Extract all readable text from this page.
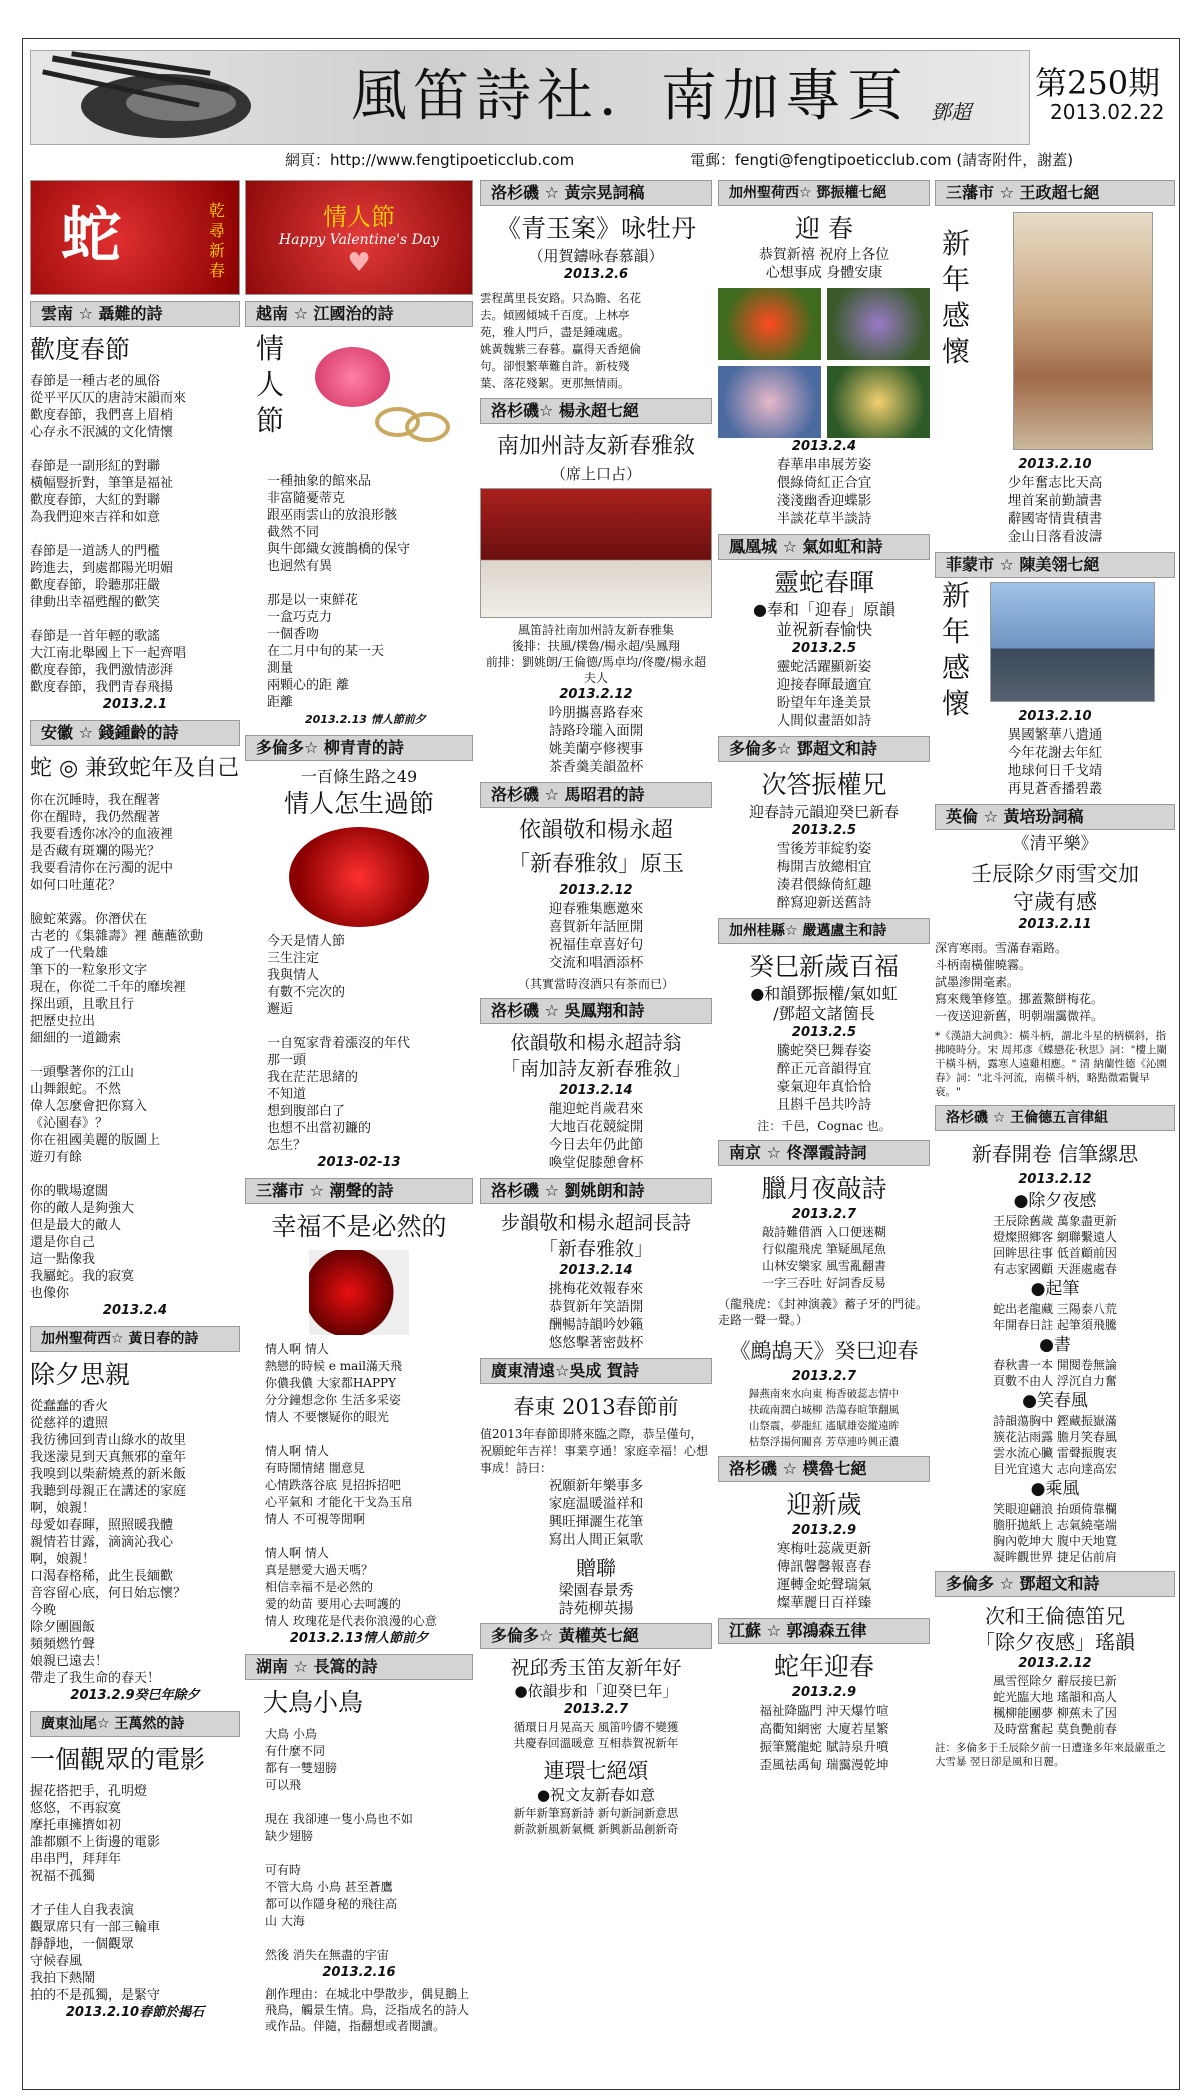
風笛詩社．南加專頁 鄧超
第250期
2013.02.22
網頁：http://www.fengtipoeticclub.com	電郵：fengti@fengtipoeticclub.com (請寄附件，謝蓋)
乾尋新春
蛇
雲南 ☆ 聶難的詩
歡度春節
春節是一種古老的風俗
從平平仄仄的唐詩宋韻而來
歡度春節，我們喜上眉梢
心存永不泯滅的文化情懷

春節是一副形紅的對聯
橫幅豎折對，筆筆是福祉
歡度春節，大紅的對聯
為我們迎來吉祥和如意

春節是一道誘人的門檻
跨進去，到處都陽光明媚
歡度春節，聆聽那莊嚴
律動出幸福甦醒的歡笑

春節是一首年輕的歌謠
大江南北舉國上下一起齊唱
歡度春節，我們激情澎湃
歡度春節，我們青春飛揚
2013.2.1
安徽 ☆ 錢鍾齡的詩
蛇 ◎ 兼致蛇年及自己
你在沉睡時，我在醒著
你在醒時，我仍然醒著
我要看透你冰冷的血液裡
是否藏有斑斕的陽光？
我要看清你在污濁的泥中
如何口吐蓮花？

臉蛇萊露。你潛伏在
古老的《集雜壽》裡 蘸蘸欲動
成了一代梟雄
筆下的一粒象形文字
現在，你從二千年的靡埃裡
探出頭，且歌且行
把歷史拉出
細細的一道鋤索

一頭擊著你的江山
山舞銀蛇。不然
偉人怎麼會把你寫入
《沁園春》？
你在祖國美麗的版圖上
遊刃有餘

你的戰場遼闊
你的敵人是夠強大
但是最大的敵人
還是你自己
這一點像我
我屬蛇。我的寂寞
也像你
2013.2.4
加州聖荷西☆ 黃日春的詩
除夕思親
從蠢蠢的香火
從慈祥的遺照
我彷彿回到青山綠水的故里
我迷濛見到天真無邪的童年
我嗅到以柴薪燒煮的新米飯
我聽到母親正在講述的家庭
啊，娘親！
母愛如春暉，照照暖我體
親情若甘露，滴滴沁我心
啊，娘親！
口渴春格稀，此生長緬歡
音容留心底，何日始忘懷？
今晚
除夕團圓飯
頻頻燃竹聲
娘親已遠去！
帶走了我生命的春天！
2013.2.9癸巳年除夕
廣東汕尾☆ 王萬然的詩
一個觀眾的電影
握花搭把手，孔明燈
悠悠，不再寂寞
摩托車擁擠如初
誰都願不上街邊的電影
串串門，拜拜年
祝福不孤獨

才子佳人自我表演
觀眾席只有一部三輪車
靜靜地，一個觀眾
守候春風
我拍下熱鬧
拍的不是孤獨，是緊守
2013.2.10春節於揭石
情人節
Happy Valentine's Day
♥
越南 ☆ 江國治的詩
情
人
節
一種抽象的館來品
非富隨憂蒂克
跟巫雨雲山的放浪形骸
截然不同
與牛郎織女渡鵲橋的保守
也迥然有異

那是以一束鮮花
一盒巧克力
一個香吻
在二月中旬的某一天
測量
兩顆心的距 離
距離
2013.2.13 情人節前夕
多倫多☆ 柳青青的詩
一百條生路之49
情人怎生過節
今天是情人節
三生注定
我與情人
有數不完次的
邂逅

一自冤家背着漲沒的年代
那一頭
我在茫茫思緒的
不知道
想到腹部白了
也想不出當初鐮的
怎生？
2013-02-13
三藩市 ☆ 潮聲的詩
幸福不是必然的
情人啊 情人
熱戀的時候 e mail滿天飛
你儂我儂 大家都HAPPY
分分鐘想念你 生活多采姿
情人 不要懷疑你的眼光

情人啊 情人
有時鬧情緒 闇意見
心情跌落谷底 見招拆招吧
心平氣和 才能化干戈為玉帛
情人 不可視等閒啊

情人啊 情人
真是戀愛大過天嗎？
相信幸福不是必然的
愛的幼苗 要用心去呵護的
情人 玫瑰花是代表你浪漫的心意
2013.2.13情人節前夕
湖南 ☆ 長篙的詩
大鳥小鳥
大鳥 小鳥
有什麼不同
都有一雙翅膀
可以飛

現在 我卻連一隻小鳥也不如
缺少翅膀

可有時
不管大鳥 小鳥 甚至蒼鷹
都可以作隱身秘的飛往高
山 大海

然後 消失在無盡的宇宙
2013.2.16
創作理由：在城北中學散步，偶見鵝上飛鳥，觸景生情。鳥，泛指成名的詩人或作品。伴隨，指翻想或者閱讀。
洛杉磯 ☆ 黃宗晃詞稿
《青玉案》咏牡丹
（用賀鑄咏春慕韻）
2013.2.6
雲程萬里長安路。只為瞻、名花
去。傾國傾城千百度。上林亭
苑，雅人門戶，盡是鍾魂處。
姚黃魏紫三春暮。贏得天香絕倫
句。卻恨繁華難自許。新枝殘
葉、落花殘絮。更那無情雨。
洛杉磯☆ 楊永超七絕
南加州詩友新春雅敘
（席上口占）
風笛詩社南加州詩友新春雅集
後排：扶風/樸魯/楊永超/吳鳳翔
前排：劉姚朗/王倫德/馬卓均/佟慶/楊永超夫人
2013.2.12
吟朋攜喜路春來
詩路玲瓏入面開
姚美蘭亭修禊事
茶香羹美韻盈杯
洛杉磯 ☆ 馬昭君的詩
依韻敬和楊永超
「新春雅敘」原玉
2013.2.12
迎春雅集應邀來
喜賀新年話匣開
祝福佳章喜好句
交流和唱酒添杯
（其實當時沒酒只有茶而已）
洛杉磯 ☆ 吳鳳翔和詩
依韻敬和楊永超詩翁
「南加詩友新春雅敘」
2013.2.14
龍迎蛇肖歲君來
大地百花競綻開
今日去年仍此節
喚堂促膝憩會杯
洛杉磯 ☆ 劉姚朗和詩
步韻敬和楊永超詞長詩
「新春雅敘」
2013.2.14
挑梅花效報春來
恭賀新年笑語開
酬暢詩韻吟妙籟
悠悠擊著密鼓杯
廣東清遠☆吳成 賀詩
春東 2013春節前
值2013年春節即將來臨之際，恭呈僅句，祝願蛇年吉祥！事業亨通！家庭幸福！心想事成！詩曰：
祝願新年樂事多
家庭温暖溢祥和
興旺揮灑生花筆
寫出人間正氣歌
贈聯
梁園春景秀
詩苑柳英揚
多倫多☆ 黃權英七絕
祝邱秀玉笛友新年好
●依韻步和「迎癸巳年」
2013.2.7
循環日月晃高天 風笛吟儔不變獲
共慶春回溫暖意 互相恭賀祝新年
連環七絕頌
●祝文友新春如意
新年新筆寫新詩 新句新詞新意思
新款新風新氣概 新興新品創新奇
加州聖荷西☆ 鄧振權七絕
迎 春
恭賀新禧 祝府上各位
心想事成 身體安康
2013.2.4
春華串串展芳姿
偎綠倚紅正合宜
淺淺幽香迎蝶影
半談花草半談詩
鳳凰城 ☆ 氣如虹和詩
靈蛇春暉
●奉和「迎春」原韻
並祝新春愉快
2013.2.5
靈蛇活躍顯新姿
迎接春暉最適宜
盼望年年逢美景
人間似畫語如詩
多倫多☆ 鄧超文和詩
次答振權兄
迎春詩元韻迎癸巳新春
2013.2.5
雪後芳菲綻豹姿
梅開吉放總相宜
湊君偎綠倚紅趣
醉寫迎新送舊詩
加州桂縣☆ 嚴邁盧主和詩
癸巳新歲百福
●和韻鄧振權/氣如虹
/鄧超文諸箇長
2013.2.5
騰蛇癸巳舞春姿
醉正元音韻得宜
豪氣迎年真恰恰
且斟千邑共吟詩
注：千邑，Cognac 也。
南京 ☆ 佟澤霞詩詞
臘月夜敲詩
2013.2.7
敲詩難借酒 入口便迷糊
行似龍飛虎 筆疑風尾魚
山林安樂家 風雪亂翻書
一字三吞吐 好詞香反易
（龍飛虎：《封神演義》蓄子牙的門徒。走路一聲一聲。）
《鷓鴣天》癸巳迎春
2013.2.7
歸燕南來水向東 梅香破蕊志情中
扶疏南潤白城柳 浩蕩春暄筆翻風
山祭震，夢龍紅 遙賦雄姿縱遠眸
枯祭浮揚何關喜 芳草連吟興正濃
洛杉磯 ☆ 樸魯七絕
迎新歲
2013.2.9
寒梅吐蕊歲更新
傳訊馨馨報喜春
運轉金蛇聲瑞氣
燦華麗日百祥臻
江蘇 ☆ 郭鴻森五律
蛇年迎春
2013.2.9
福祉降臨門 沖天爆竹喧
高衢知網密 大廈若星繁
振筆驚龍蛇 賦詩泉升噴
歪風祛禹甸 瑞靄漫乾坤
三藩市 ☆ 王政超七絕
新
年
感
懷
2013.2.10
少年奮志比天高
埋首案前勤讀書
辭國寄情貴積書
金山日落看波濤
菲蒙市 ☆ 陳美翎七絕
新
年
感
懷	2013.2.10
異國繁華八遣通
今年花謝去年紅
地球何日千戈靖
再見蒼香播碧叢
英倫 ☆ 黃培玢詞稿
《清平樂》
壬辰除夕雨雪交加
守歲有感
2013.2.11
深宵寒雨。雪滿春霜路。
斗柄南橫催曉霧。
試墨渗開毫素。
寫來幾筆修篁。挪蓋鰲餅梅花。
一夜送迎新舊，明朝端靄微祥。
*《漢語大詞典》：橫斗柄，謂北斗星的柄橫斜，指拂曉時分。宋 周邦彥《蝶戀花·秋思》詞："樓上闌干橫斗柄，露寒人遠雞相應。" 清 納蘭性德《沁園春》詞："北斗河流，南橫斗柄，略點微霜鬢早衰。"
洛杉磯 ☆ 王倫德五言律組
新春開卷 信筆縲思
2013.2.12
●除夕夜感
王辰除舊歲 萬象盡更新
燈燦照鄉客 網聯繫遠人
回眸思往事 低首顧前因
有志家國顧 天涯處處春
●起筆
蛇出老龍藏 三陽泰八荒
年開春日註 起筆須飛騰
●書
春秋書一本 開閱卷無論
頁數不由人 浮沉自力奮
●笑春風
詩韻蕩胸中 鏗藏振嶽滿
簇花沾雨露 膽月笑春風
雲水流心臟 雷聲振腹衷
目光宜遠大 志向達高宏
●乘風
笑眼迎翩浪 抬頭倚靠欄
膽肝拋紙上 志氣繞毫端
胸內乾坤大 腹中天地寬
凝眸觀世界 捷足佔前肩
多倫多 ☆ 鄧超文和詩
次和王倫德笛兄
「除夕夜感」瑤韻
2013.2.12
風雪徑除夕 辭辰接巳新
蛇光臨大地 瑤韻和高人
楓柳能團夢 柳蕉未了因
及時當奮起 莫負艷前春
註：多倫多于壬辰除夕前一日遭逢多年來最嚴重之大雪暴 翌日卻是風和日麗。
